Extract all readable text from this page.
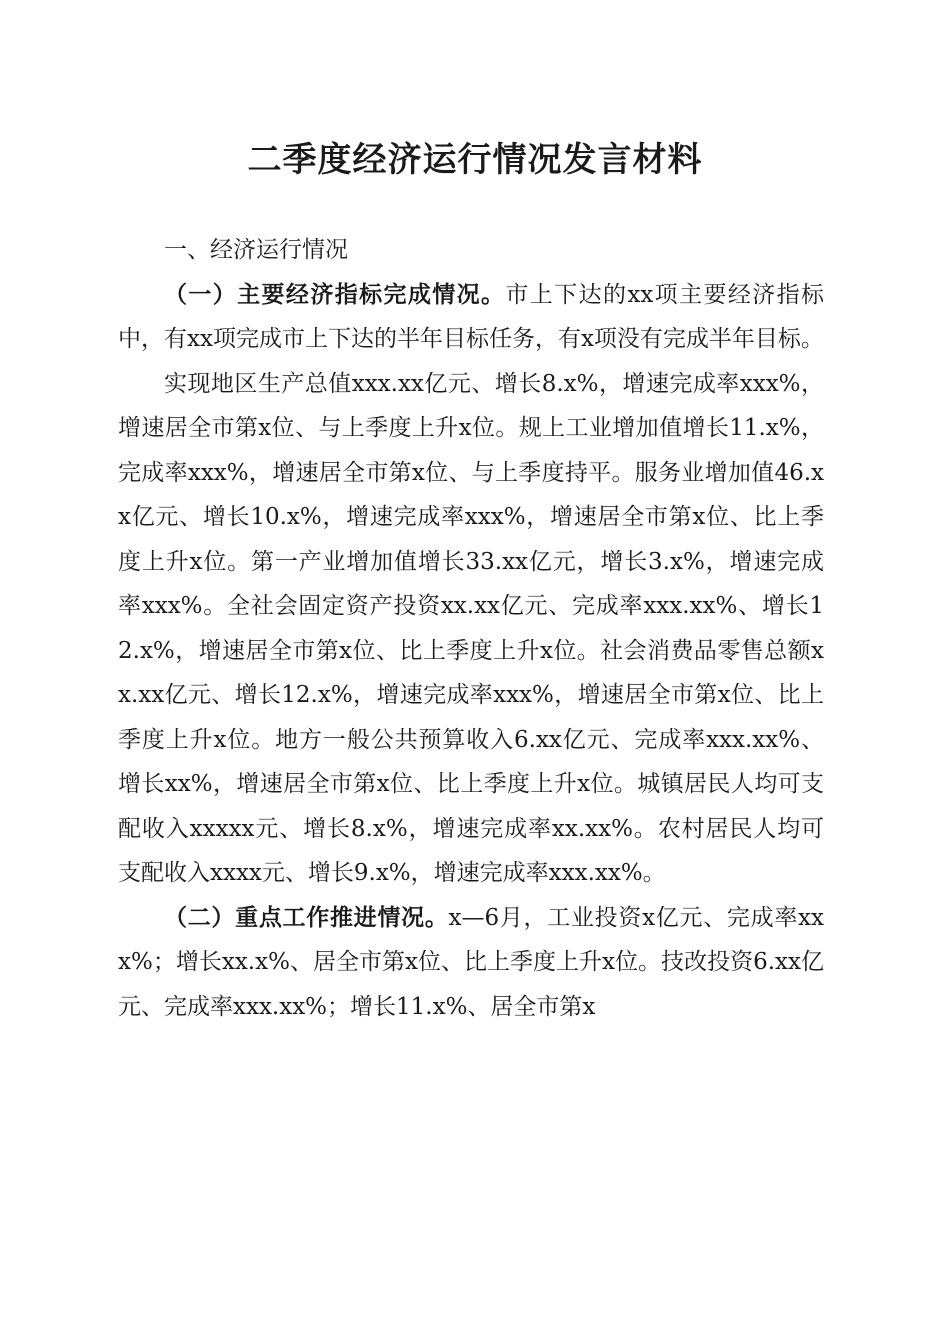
二季度经济运行情况发言材料

一、经济运行情况

（一）主要经济指标完成情况。市上下达的xx项主要经济指标中，有xx项完成市上下达的半年目标任务，有x项没有完成半年目标。

实现地区生产总值xxx.xx亿元、增长8.x%，增速完成率xxx%，增速居全市第x位、与上季度上升x位。规上工业增加值增长11.x%，完成率xxx%，增速居全市第x位、与上季度持平。服务业增加值46.xx亿元、增长10.x%，增速完成率xxx%，增速居全市第x位、比上季度上升x位。第一产业增加值增长33.xx亿元，增长3.x%，增速完成率xxx%。全社会固定资产投资xx.xx亿元、完成率xxx.xx%、增长12.x%，增速居全市第x位、比上季度上升x位。社会消费品零售总额xx.xx亿元、增长12.x%，增速完成率xxx%，增速居全市第x位、比上季度上升x位。地方一般公共预算收入6.xx亿元、完成率xxx.xx%、增长xx%，增速居全市第x位、比上季度上升x位。城镇居民人均可支配收入xxxxx元、增长8.x%，增速完成率xx.xx%。农村居民人均可支配收入xxxx元、增长9.x%，增速完成率xxx.xx%。

（二）重点工作推进情况。x—6月，工业投资x亿元、完成率xxx%；增长xx.x%、居全市第x位、比上季度上升x位。技改投资6.xx亿元、完成率xxx.xx%；增长11.x%、居全市第x
